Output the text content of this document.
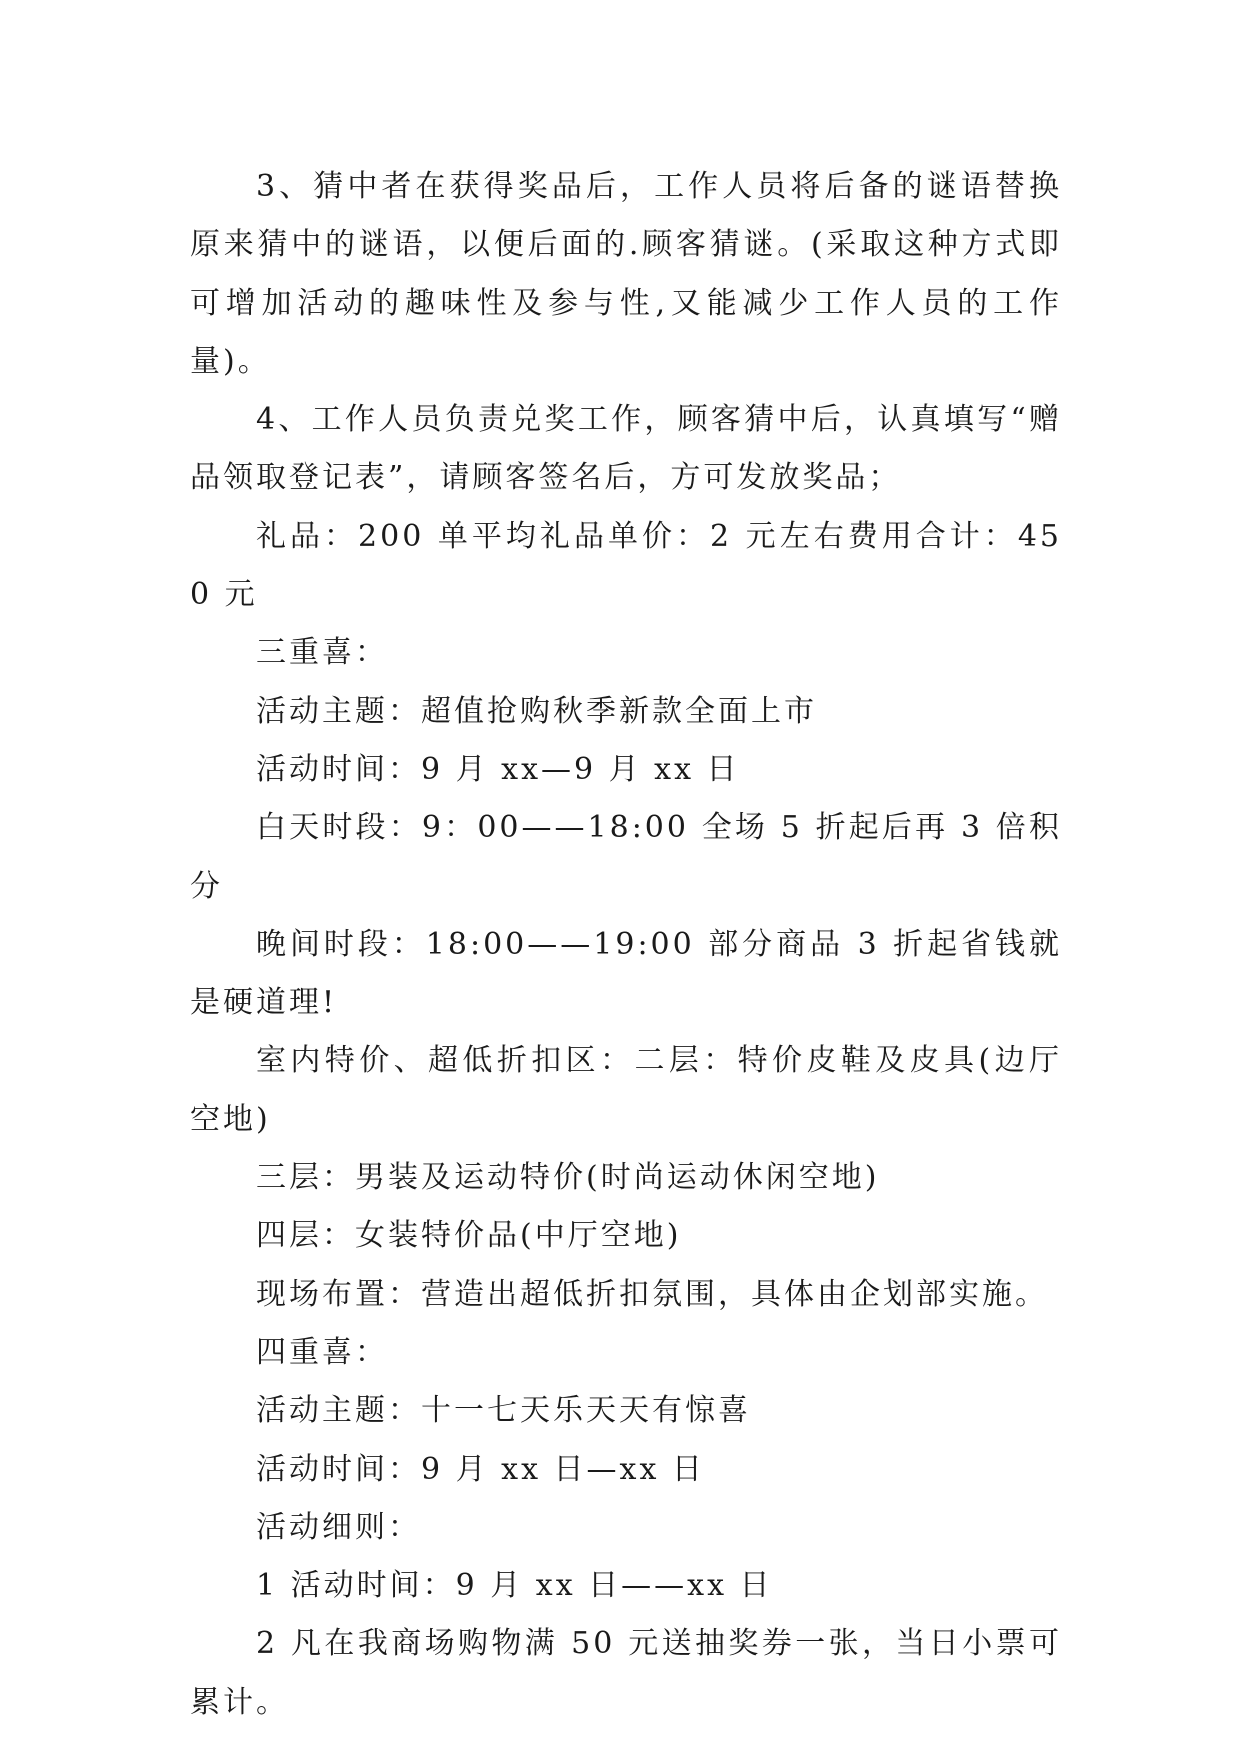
3、猜中者在获得奖品后，工作人员将后备的谜语替换原来猜中的谜语，以便后面的.顾客猜谜。(采取这种方式即可增加活动的趣味性及参与性,又能减少工作人员的工作量)。

4、工作人员负责兑奖工作，顾客猜中后，认真填写“赠品领取登记表”，请顾客签名后，方可发放奖品；

礼品：200 单平均礼品单价：2 元左右费用合计：450 元

三重喜：

活动主题：超值抢购秋季新款全面上市

活动时间：9 月 xx—9 月 xx 日

白天时段：9：00——18:00 全场 5 折起后再 3 倍积分

晚间时段：18:00——19:00 部分商品 3 折起省钱就是硬道理!

室内特价、超低折扣区：二层：特价皮鞋及皮具(边厅空地)

三层：男装及运动特价(时尚运动休闲空地)

四层：女装特价品(中厅空地)

现场布置：营造出超低折扣氛围，具体由企划部实施。

四重喜：

活动主题：十一七天乐天天有惊喜

活动时间：9 月 xx 日—xx 日

活动细则：

1 活动时间：9 月 xx 日——xx 日

2 凡在我商场购物满 50 元送抽奖券一张，当日小票可累计。
